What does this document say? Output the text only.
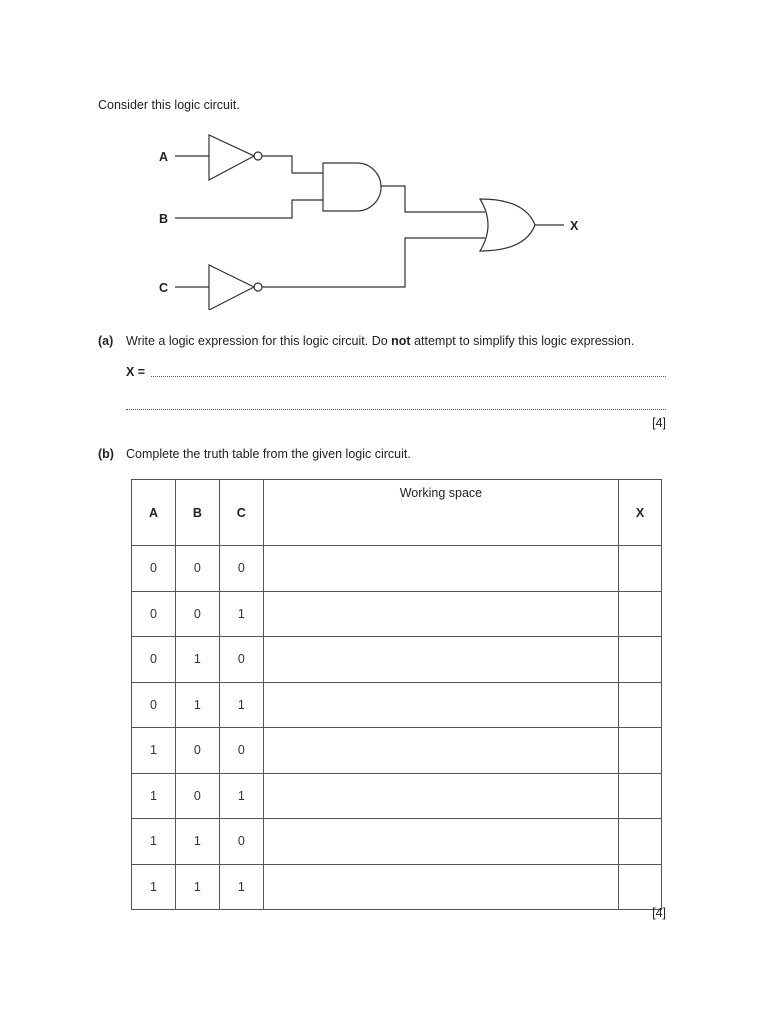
Consider this logic circuit.
A
B
C
X
(a) Write a logic expression for this logic circuit. Do not attempt to simplify this logic expression.
X =
[4]
(b) Complete the truth table from the given logic circuit.
A	B	C	Working space	X
0	0	0		
0	0	1		
0	1	0		
0	1	1		
1	0	0		
1	0	1		
1	1	0		
1	1	1		
[4]
